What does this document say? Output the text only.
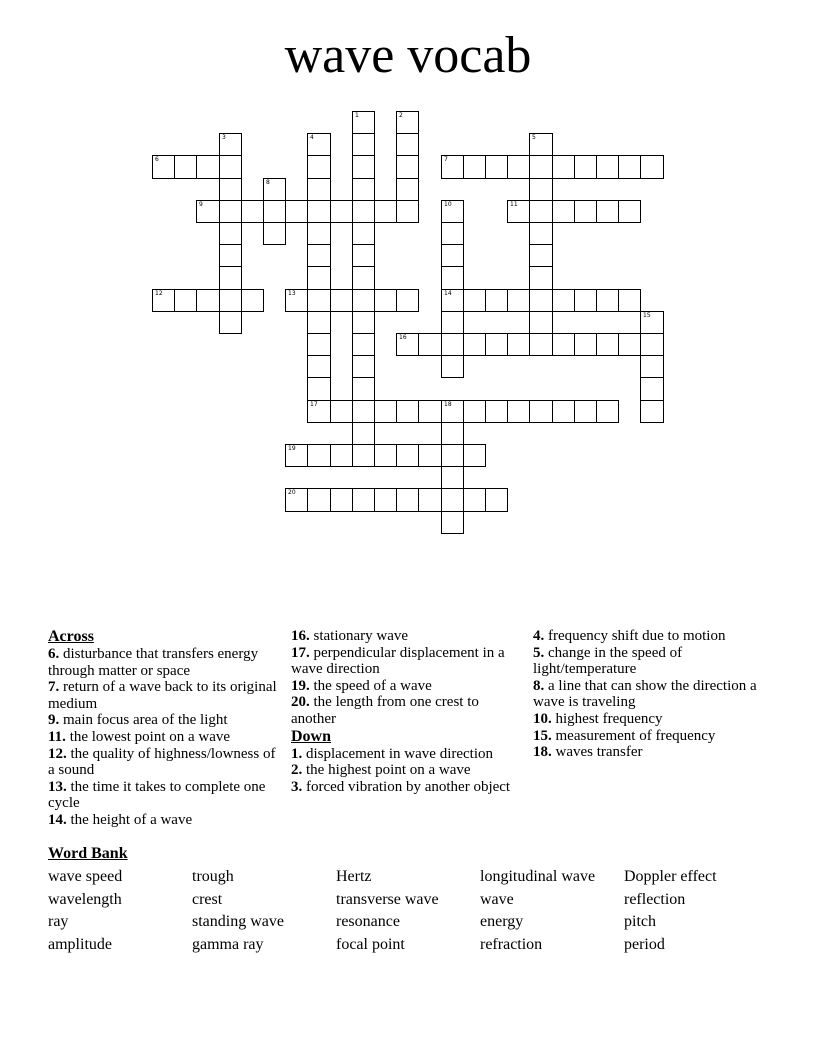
wave vocab
1	2
3	4
17
5
6	7
8
9	10
14
11
12	13
15
16
18
19
20
Across
6. disturbance that transfers energy through matter or space
7. return of a wave back to its original medium
9. main focus area of the light
11. the lowest point on a wave
12. the quality of highness/lowness of a sound
13. the time it takes to complete one cycle
14. the height of a wave
16. stationary wave
17. perpendicular displacement in a wave direction
19. the speed of a wave
20. the length from one crest to another
Down
1. displacement in wave direction
2. the highest point on a wave
3. forced vibration by another object
4. frequency shift due to motion
5. change in the speed of light/temperature
8. a line that can show the direction a wave is traveling
10. highest frequency
15. measurement of frequency
18. waves transfer
Word Bank
wave speed	trough	Hertz	longitudinal wave	Doppler effect
wavelength	crest	transverse wave	wave	reflection
ray	standing wave	resonance	energy	pitch
amplitude	gamma ray	focal point	refraction	period
